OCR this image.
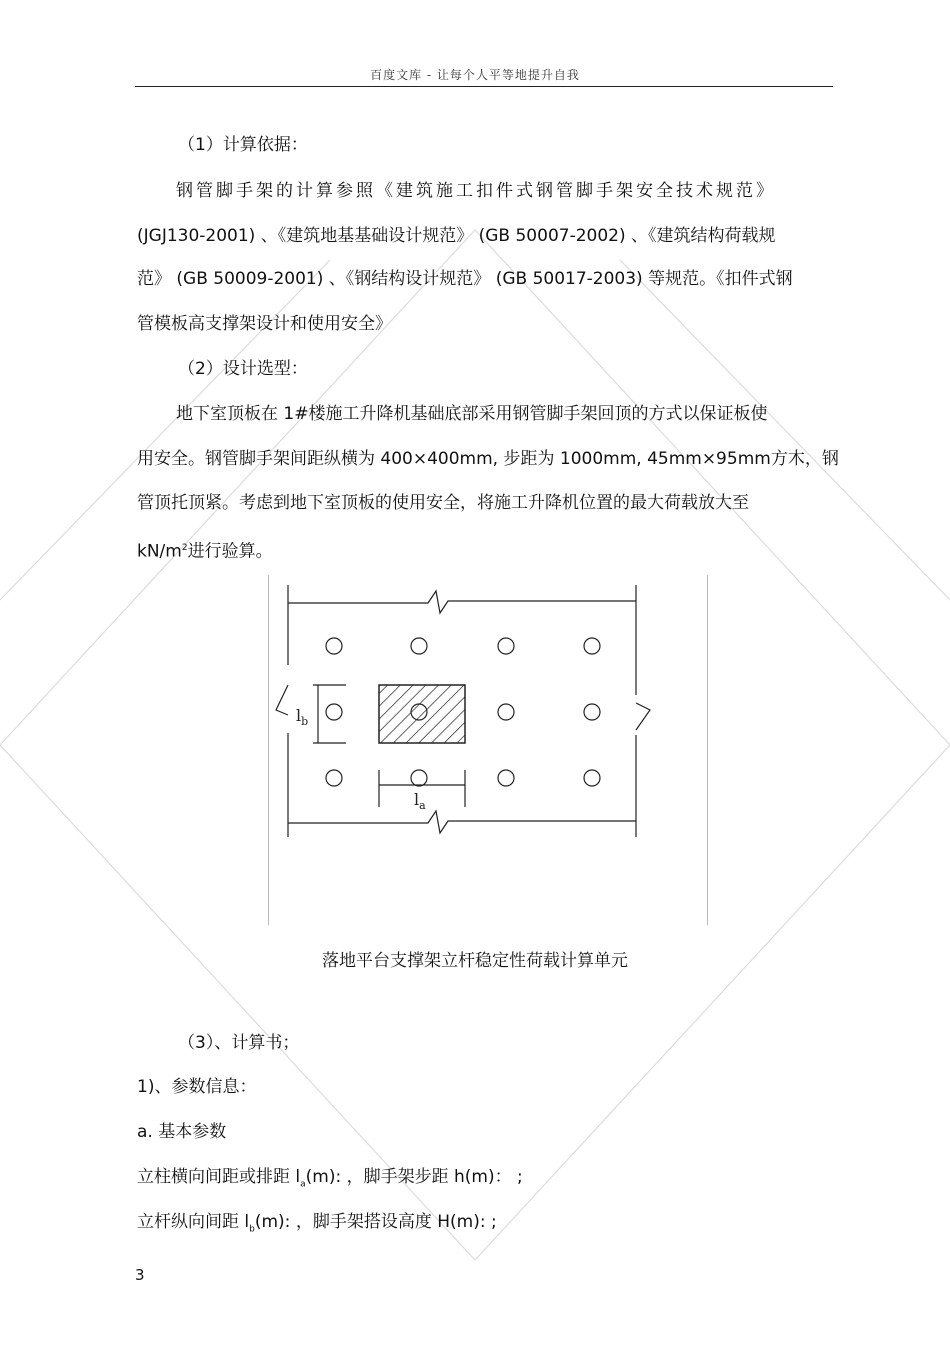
百度文库 - 让每个人平等地提升自我
（1）计算依据：
钢管脚手架的计算参照《建筑施工扣件式钢管脚手架安全技术规范》
(JGJ130-2001) 、《建筑地基基础设计规范》 (GB 50007-2002) 、《建筑结构荷载规
范》 (GB 50009-2001) 、《钢结构设计规范》 (GB 50017-2003) 等规范。《扣件式钢
管模板高支撑架设计和使用安全》
（2）设计选型：
地下室顶板在 1#楼施工升降机基础底部采用钢管脚手架回顶的方式以保证板使
用安全。钢管脚手架间距纵横为 400×400mm, 步距为 1000mm, 45mm×95mm方木，钢
管顶托顶紧。考虑到地下室顶板的使用安全，将施工升降机位置的最大荷载放大至
$kN/m^2$进行验算。
$l_b$
$l_a$
落地平台支撑架立杆稳定性荷载计算单元
（3）、计算书；
1)、参数信息：
a. 基本参数
立柱横向间距或排距 $l_a(m)$: ，脚手架步距 h(m)： ;
立杆纵向间距 $l_b(m)$: ，脚手架搭设高度 H(m): ;
3
